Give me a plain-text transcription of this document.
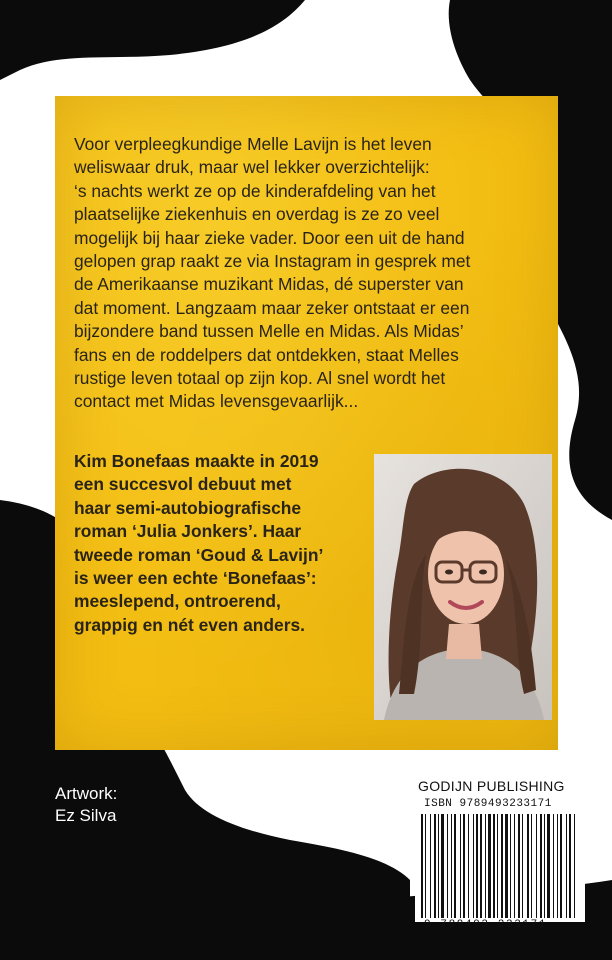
Voor verpleegkundige Melle Lavijn is het leven
weliswaar druk, maar wel lekker overzichtelijk:
‘s nachts werkt ze op de kinderafdeling van het
plaatselijke ziekenhuis en overdag is ze zo veel
mogelijk bij haar zieke vader. Door een uit de hand
gelopen grap raakt ze via Instagram in gesprek met
de Amerikaanse muzikant Midas, dé superster van
dat moment. Langzaam maar zeker ontstaat er een
bijzondere band tussen Melle en Midas. Als Midas’
fans en de roddelpers dat ontdekken, staat Melles
rustige leven totaal op zijn kop. Al snel wordt het
contact met Midas levensgevaarlijk...

Kim Bonefaas maakte in 2019
een succesvol debuut met
haar semi-autobiografische
roman ‘Julia Jonkers’. Haar
tweede roman ‘Goud & Lavijn’
is weer een echte ‘Bonefaas’:
meeslepend, ontroerend,
grappig en nét even anders.

Artwork:
Ez Silva

GODIJN PUBLISHING
ISBN 9789493233171
9 789493 233171
